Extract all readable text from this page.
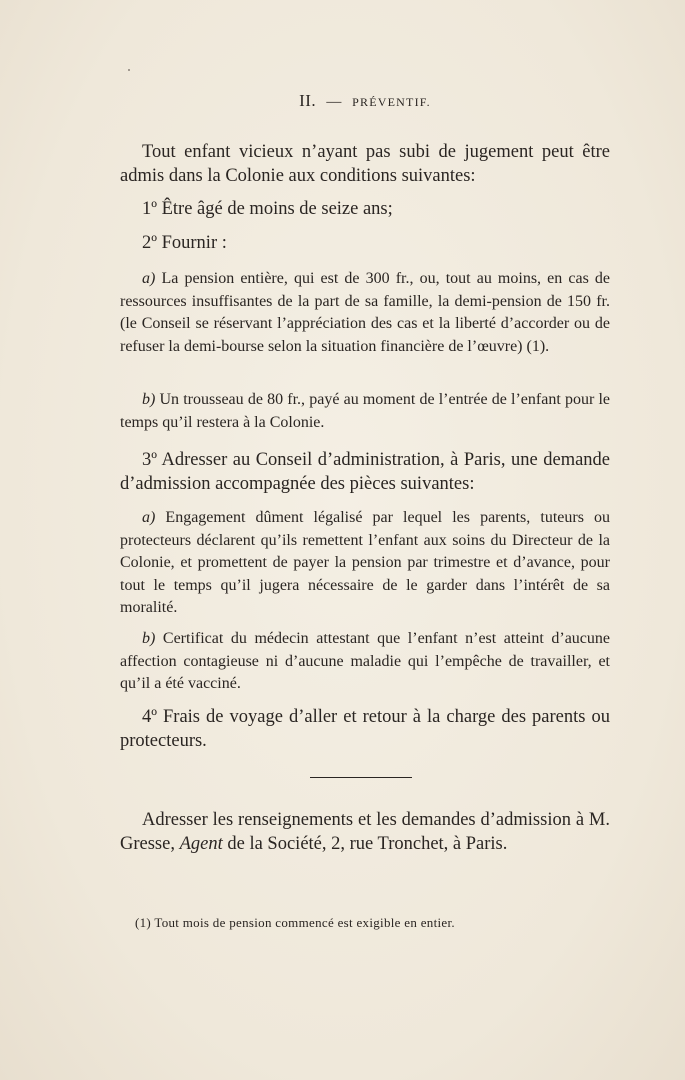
II. — PRÉVENTIF.

Tout enfant vicieux n’ayant pas subi de jugement peut être admis dans la Colonie aux conditions suivantes:

1º Être âgé de moins de seize ans;

2º Fournir :

a) La pension entière, qui est de 300 fr., ou, tout au moins, en cas de ressources insuffisantes de la part de sa famille, la demi-pension de 150 fr. (le Conseil se réservant l’appréciation des cas et la liberté d’accorder ou de refuser la demi-bourse selon la situation financière de l’œuvre) (1).

b) Un trousseau de 80 fr., payé au moment de l’entrée de l’enfant pour le temps qu’il restera à la Colonie.

3º Adresser au Conseil d’administration, à Paris, une demande d’admission accompagnée des pièces suivantes:

a) Engagement dûment légalisé par lequel les parents, tuteurs ou protecteurs déclarent qu’ils remettent l’enfant aux soins du Directeur de la Colonie, et promettent de payer la pension par trimestre et d’avance, pour tout le temps qu’il jugera nécessaire de le garder dans l’intérêt de sa moralité.

b) Certificat du médecin attestant que l’enfant n’est atteint d’aucune affection contagieuse ni d’aucune maladie qui l’empêche de travailler, et qu’il a été vacciné.

4º Frais de voyage d’aller et retour à la charge des parents ou protecteurs.

Adresser les renseignements et les demandes d’admission à M. Gresse, Agent de la Société, 2, rue Tronchet, à Paris.

(1) Tout mois de pension commencé est exigible en entier.
